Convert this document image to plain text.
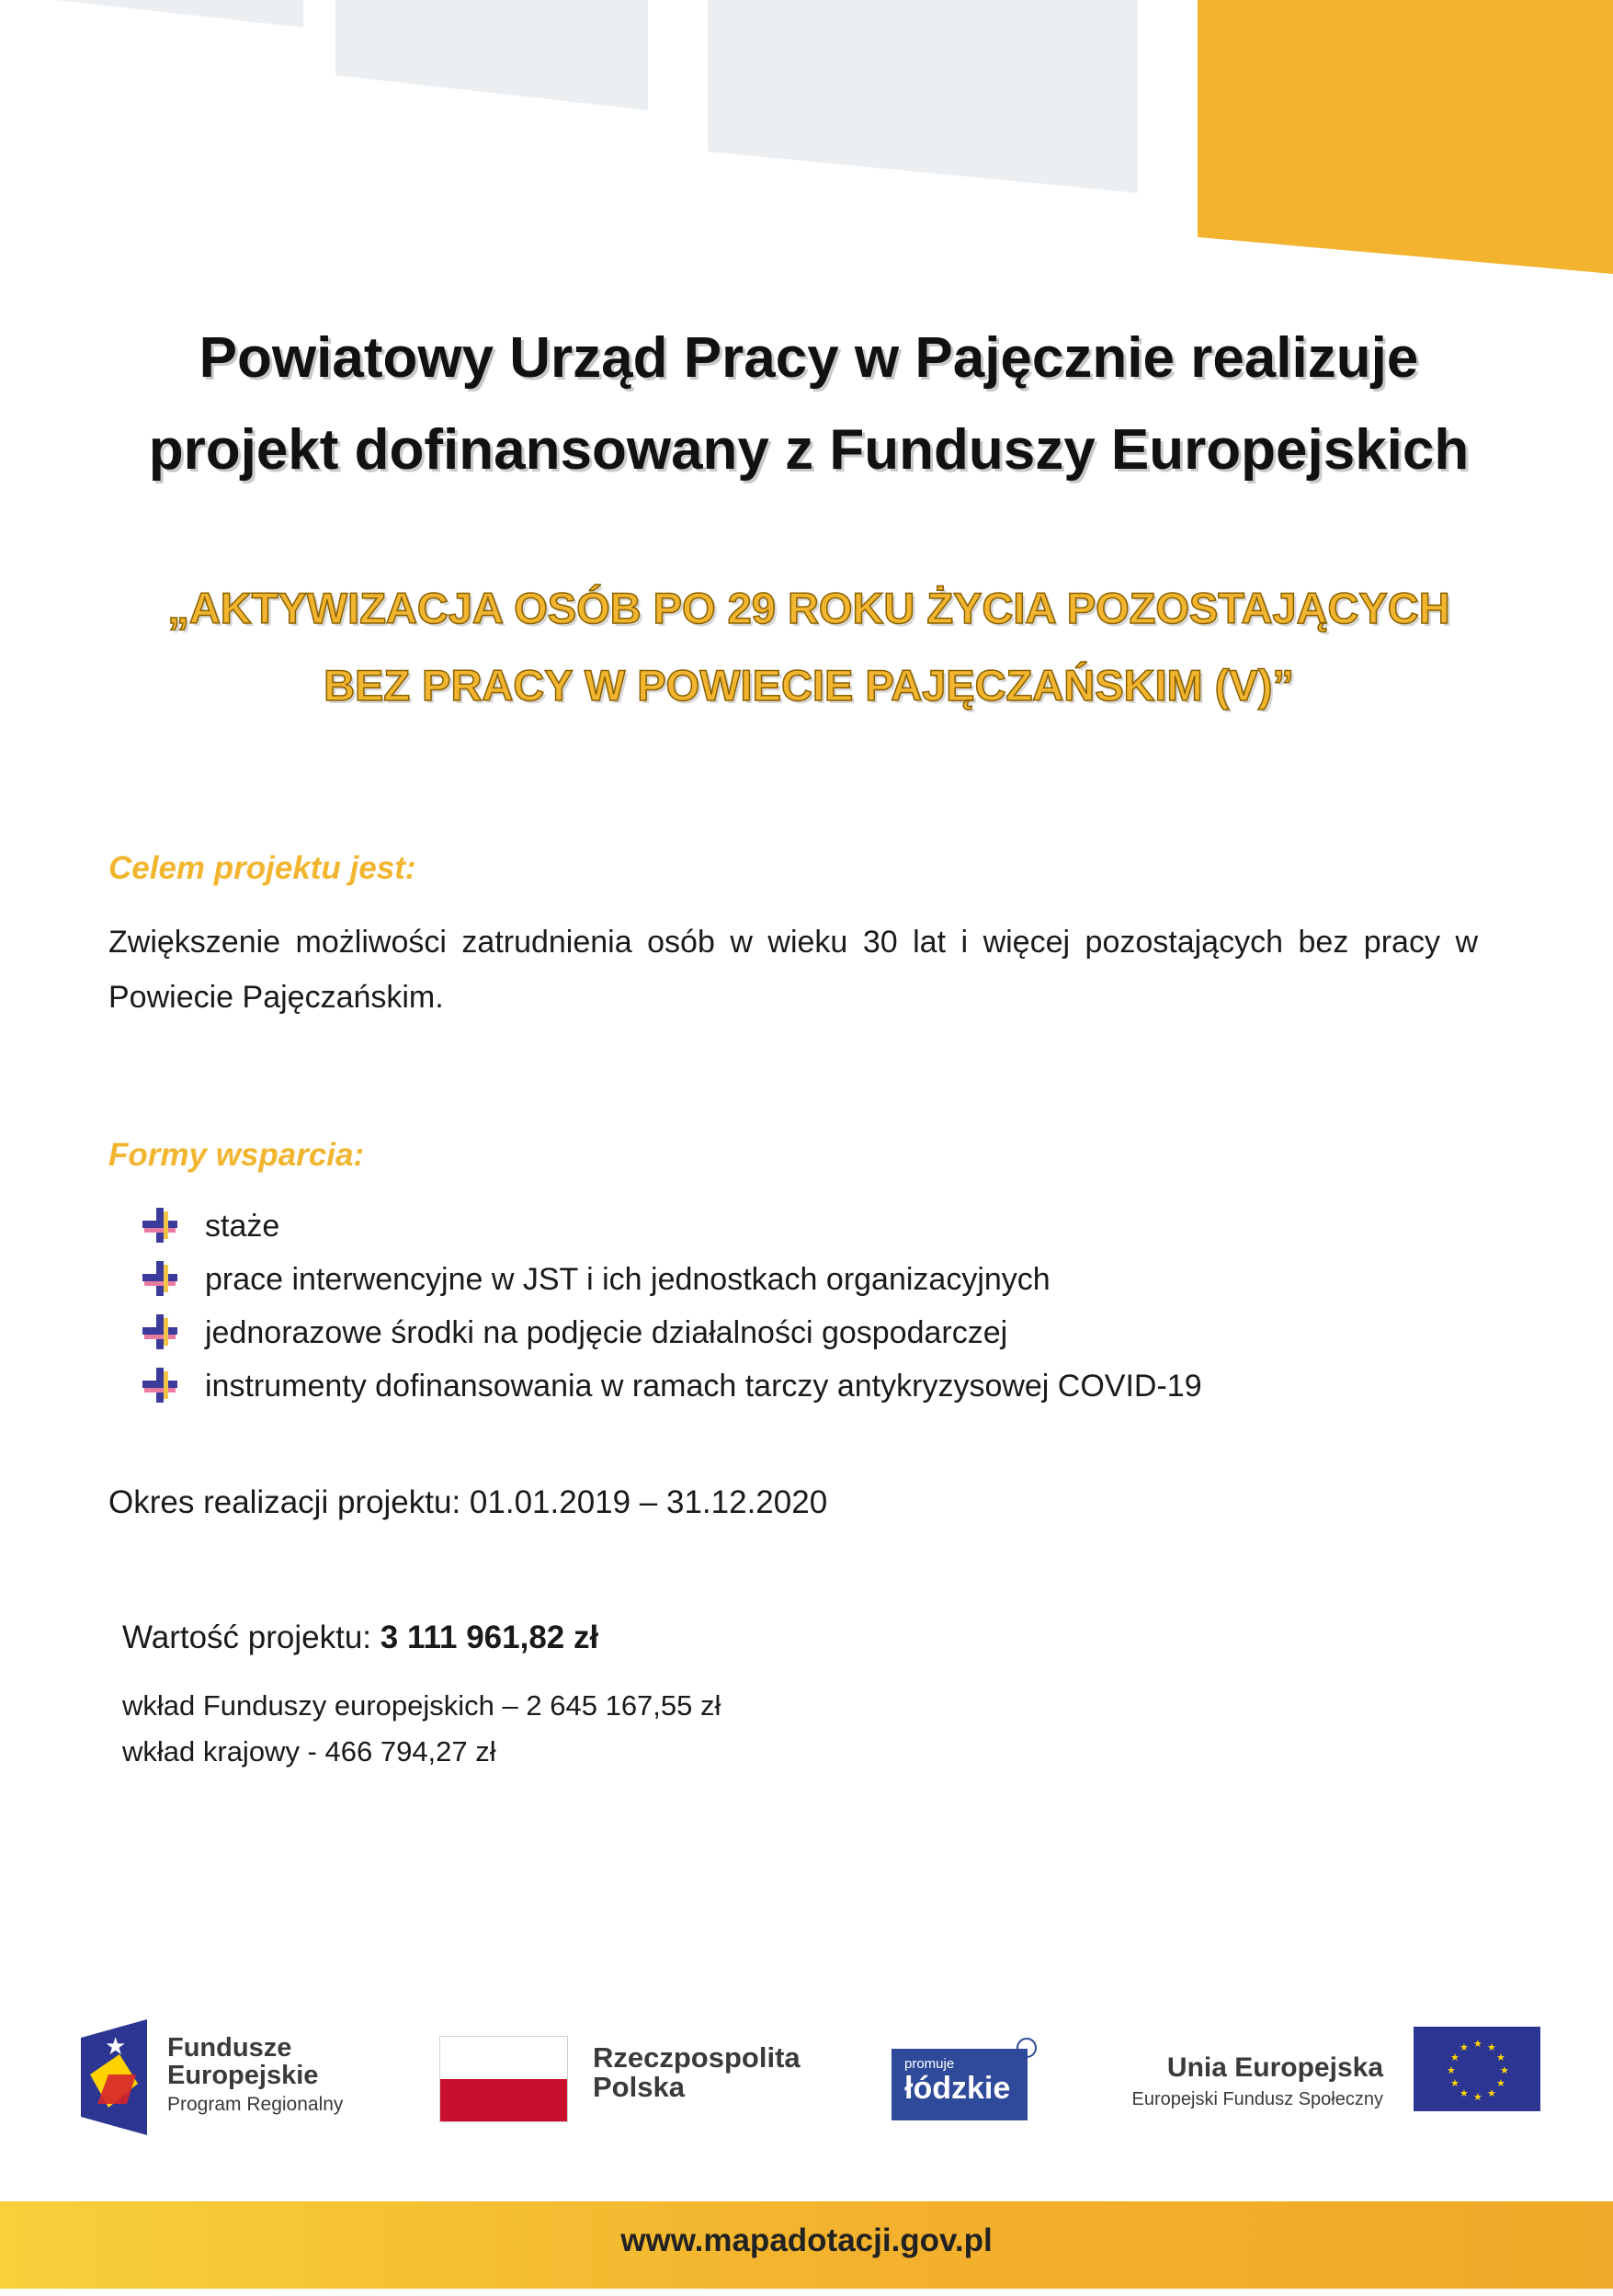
Powiatowy Urząd Pracy w Pajęcznie realizuje
projekt dofinansowany z Funduszy Europejskich
„AKTYWIZACJA OSÓB PO 29 ROKU ŻYCIA POZOSTAJĄCYCH
BEZ PRACY W POWIECIE PAJĘCZAŃSKIM (V)”
Celem projektu jest:
Zwiększenie możliwości zatrudnienia osób w wieku 30 lat i więcej pozostających bez pracy w Powiecie Pajęczańskim.
Formy wsparcia:
staże
prace interwencyjne w JST i ich jednostkach organizacyjnych
jednorazowe środki na podjęcie działalności gospodarczej
instrumenty dofinansowania w ramach tarczy antykryzysowej COVID-19
Okres realizacji projektu: 01.01.2019 – 31.12.2020
Wartość projektu: 3 111 961,82 zł
wkład Funduszy europejskich – 2 645 167,55 zł
wkład krajowy - 466 794,27 zł
★ Fundusze
Europejskie
Program Regionalny
Rzeczpospolita
Polska
promuje
łódzkie
Unia Europejska
Europejski Fundusz Społeczny
★ ★
★
★
★
★
★
★
★
★
★
★
www.mapadotacji.gov.pl
